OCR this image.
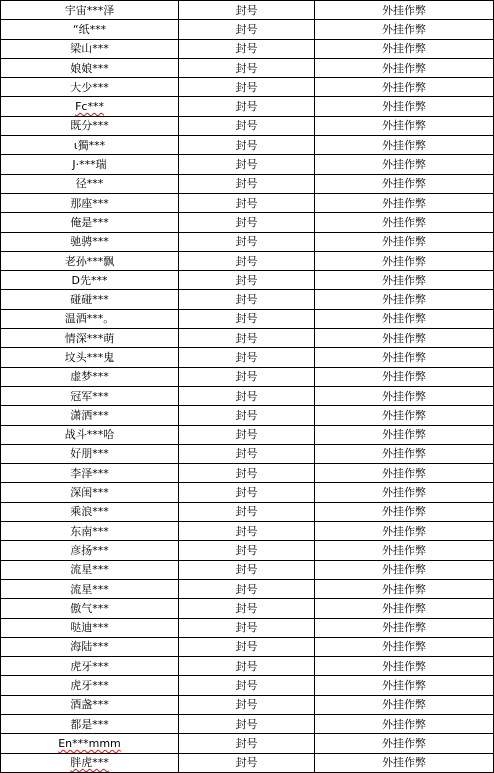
宇宙***泽	封号	外挂作弊
“纸***	封号	外挂作弊
梁山***	封号	外挂作弊
娘娘***	封号	外挂作弊
大少***	封号	外挂作弊
Fc***	封号	外挂作弊
既分***	封号	外挂作弊
ι獨***	封号	外挂作弊
J·***瑞	封号	外挂作弊
径***	封号	外挂作弊
那座***	封号	外挂作弊
俺是***	封号	外挂作弊
驰骋***	封号	外挂作弊
老孙***飘	封号	外挂作弊
D先***	封号	外挂作弊
碰碰***	封号	外挂作弊
温酒***。	封号	外挂作弊
情深***萌	封号	外挂作弊
坟头***鬼	封号	外挂作弊
虚梦***	封号	外挂作弊
冠军***	封号	外挂作弊
潇洒***	封号	外挂作弊
战斗***哈	封号	外挂作弊
好朋***	封号	外挂作弊
李泽***	封号	外挂作弊
深闺***	封号	外挂作弊
乘浪***	封号	外挂作弊
东南***	封号	外挂作弊
彦扬***	封号	外挂作弊
流星***	封号	外挂作弊
流星***	封号	外挂作弊
傲气***	封号	外挂作弊
哒迪***	封号	外挂作弊
海陆***	封号	外挂作弊
虎牙***	封号	外挂作弊
虎牙***	封号	外挂作弊
酒盏***	封号	外挂作弊
都是***	封号	外挂作弊
En***mmm	封号	外挂作弊
胖虎***	封号	外挂作弊
